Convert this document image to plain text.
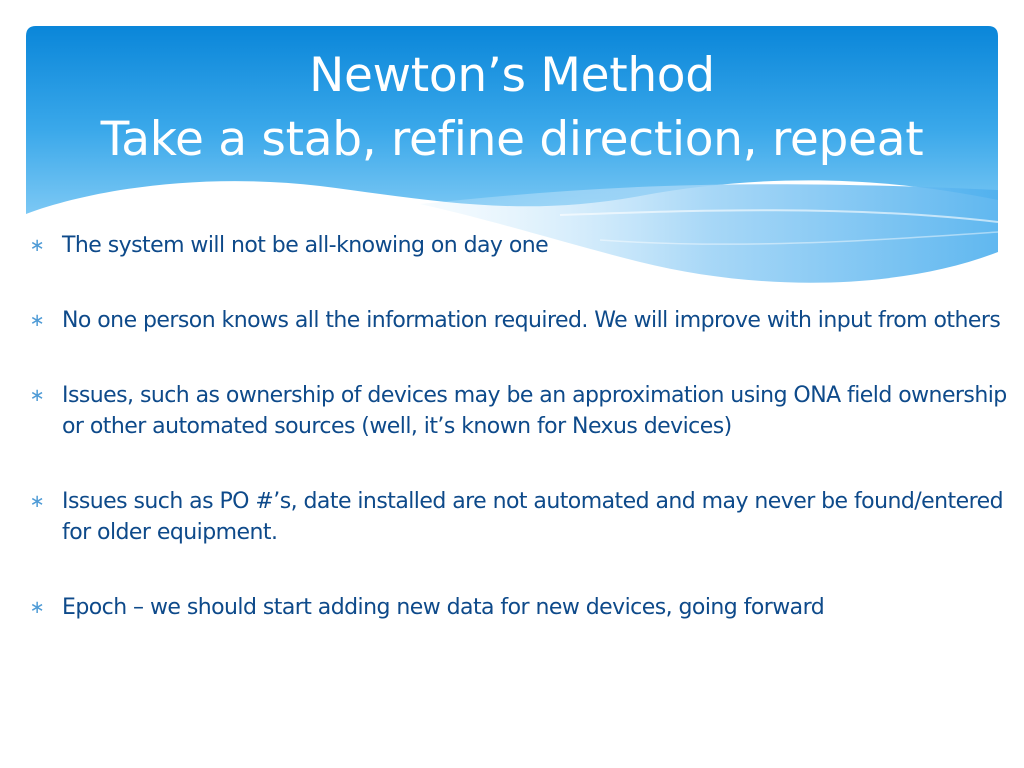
Newton’s Method
Take a stab, refine direction, repeat
∗ The system will not be all-knowing on day one
∗ No one person knows all the information required. We will improve with input from others
∗ Issues, such as ownership of devices may be an approximation using ONA field ownership or other automated sources (well, it’s known for Nexus devices)
∗ Issues such as PO #’s, date installed are not automated and may never be found/entered for older equipment.
∗ Epoch – we should start adding new data for new devices, going forward
